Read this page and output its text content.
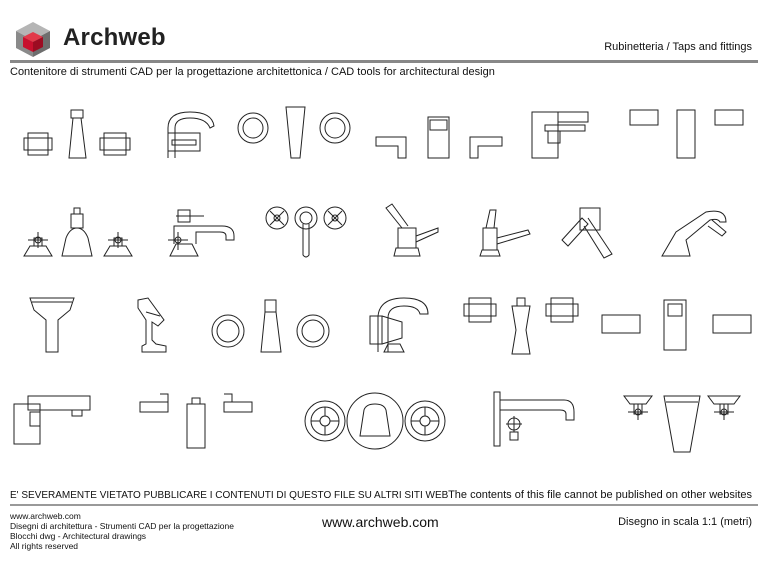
Archweb	Rubinetteria / Taps and fittings
Contenitore di strumenti CAD per la progettazione architettonica / CAD tools for architectural design
E' SEVERAMENTE VIETATO PUBBLICARE I CONTENUTI DI QUESTO FILE SU ALTRI SITI WEB The contents of this file cannot be published on other websites
www.archweb.com
Disegni di architettura - Strumenti CAD per la progettazione
Blocchi dwg - Architectural drawings
All rights reserved
www.archweb.com	Disegno in scala 1:1 (metri)
